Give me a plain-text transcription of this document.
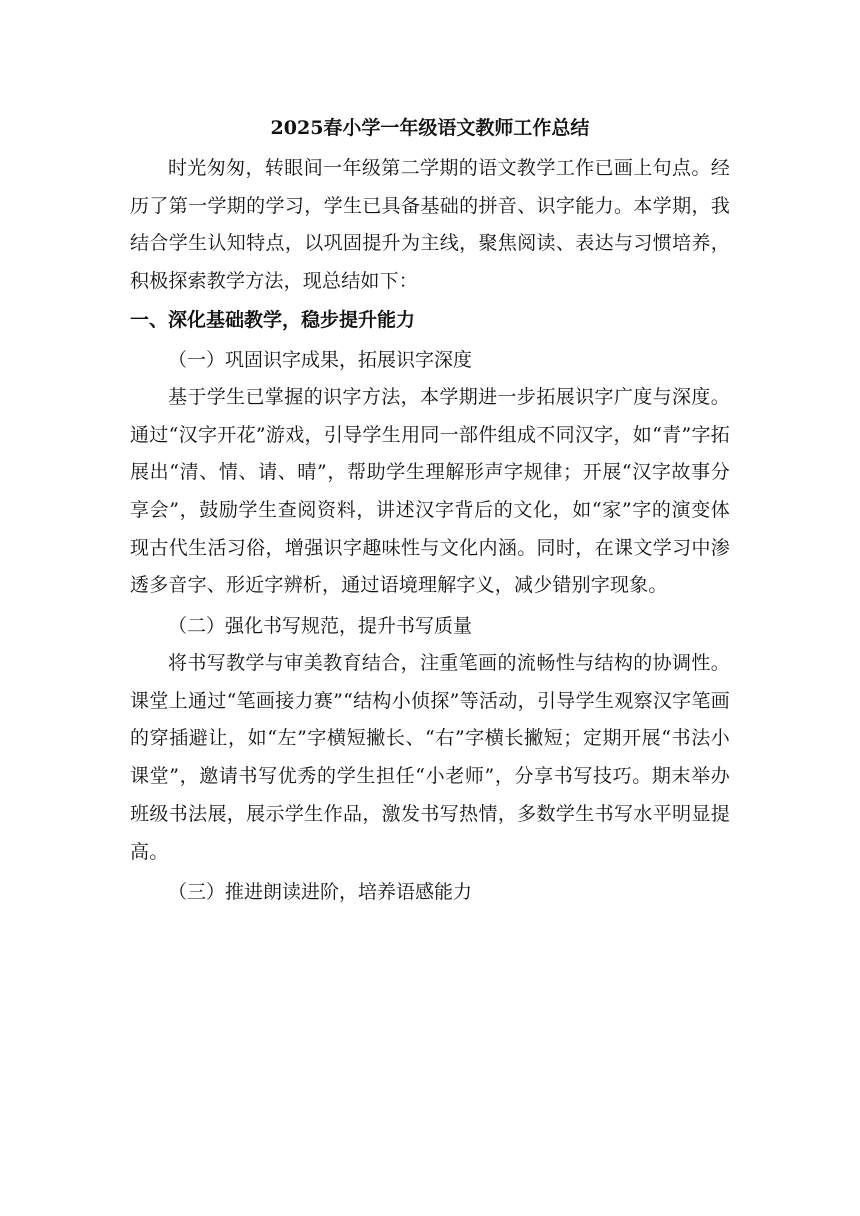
2025春小学一年级语文教师工作总结

时光匆匆，转眼间一年级第二学期的语文教学工作已画上句点。经历了第一学期的学习，学生已具备基础的拼音、识字能力。本学期，我结合学生认知特点，以巩固提升为主线，聚焦阅读、表达与习惯培养，积极探索教学方法，现总结如下：

一、深化基础教学，稳步提升能力
（一）巩固识字成果，拓展识字深度

基于学生已掌握的识字方法，本学期进一步拓展识字广度与深度。通过“汉字开花”游戏，引导学生用同一部件组成不同汉字，如“青”字拓展出“清、情、请、晴”，帮助学生理解形声字规律；开展“汉字故事分享会”，鼓励学生查阅资料，讲述汉字背后的文化，如“家”字的演变体现古代生活习俗，增强识字趣味性与文化内涵。同时，在课文学习中渗透多音字、形近字辨析，通过语境理解字义，减少错别字现象。

（二）强化书写规范，提升书写质量

将书写教学与审美教育结合，注重笔画的流畅性与结构的协调性。课堂上通过“笔画接力赛”“结构小侦探”等活动，引导学生观察汉字笔画的穿插避让，如“左”字横短撇长、“右”字横长撇短；定期开展“书法小课堂”，邀请书写优秀的学生担任“小老师”，分享书写技巧。期末举办班级书法展，展示学生作品，激发书写热情，多数学生书写水平明显提高。

（三）推进朗读进阶，培养语感能力
